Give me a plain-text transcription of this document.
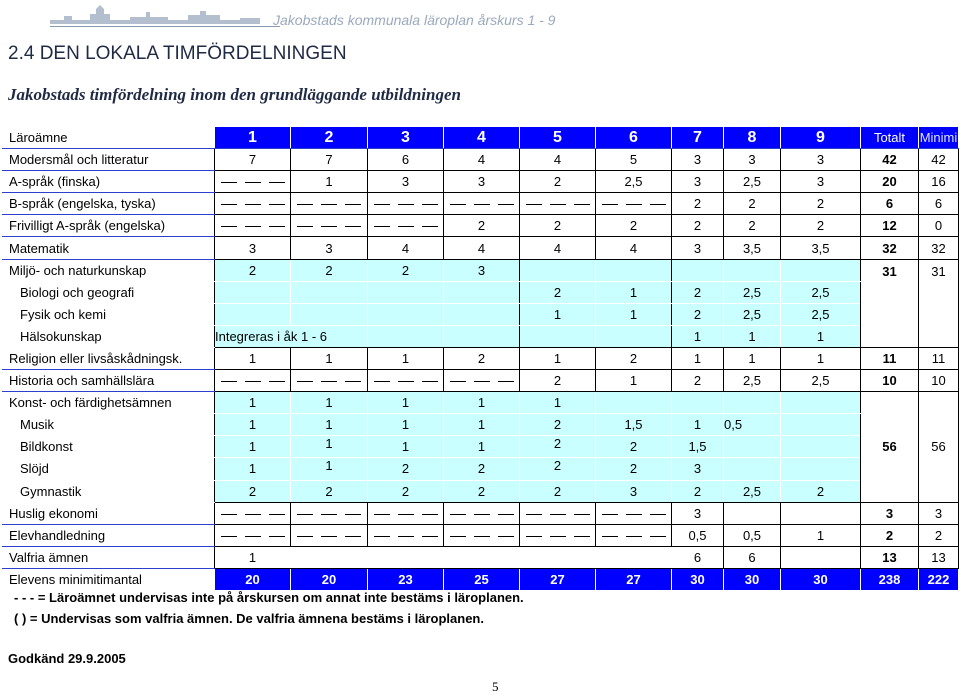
Jakobstads kommunala läroplan årskurs 1 - 9
2.4 DEN LOKALA TIMFÖRDELNINGEN
Jakobstads timfördelning inom den grundläggande utbildningen
Läroämne	1	2	3	4	5	6	7	8	9	Totalt	Minimi
Modersmål och litteratur	7	7	6	4	4	5	3	3	3	42	42
A-språk (finska)		1	3	3	2	2,5	3	2,5	3	20	16
B-språk (engelska, tyska)							2	2	2	6	6
Frivilligt A-språk (engelska)				2	2	2	2	2	2	12	0
Matematik	3	3	4	4	4	4	3	3,5	3,5	32	32
Miljö- och naturkunskap	2	2	2	3						31	31
Biologi och geografi					2	1	2	2,5	2,5		
Fysik och kemi					1	1	2	2,5	2,5		
Hälsokunskap	Integreras i åk 1 - 6						1	1	1		
Religion eller livsåskådningsk.	1	1	1	2	1	2	1	1	1	11	11
Historia och samhällslära					2	1	2	2,5	2,5	10	10
Konst- och färdighetsämnen	1	1	1	1	1					56	56
Musik	1	1	1	1	2	1,5	1	0,5			
Bildkonst	1	1	1	1	2	2	1,5				
Slöjd	1	1	2	2	2	2	3				
Gymnastik	2	2	2	2	2	3	2	2,5	2		
Huslig ekonomi							3			3	3
Elevhandledning							0,5	0,5	1	2	2
Valfria ämnen	1						6	6		13	13
Elevens minimitimantal	20	20	23	25	27	27	30	30	30	238	222
- - - = Läroämnet undervisas inte på årskursen om annat inte bestäms i läroplanen.
( ) = Undervisas som valfria ämnen. De valfria ämnena bestäms i läroplanen.
Godkänd 29.9.2005
5
